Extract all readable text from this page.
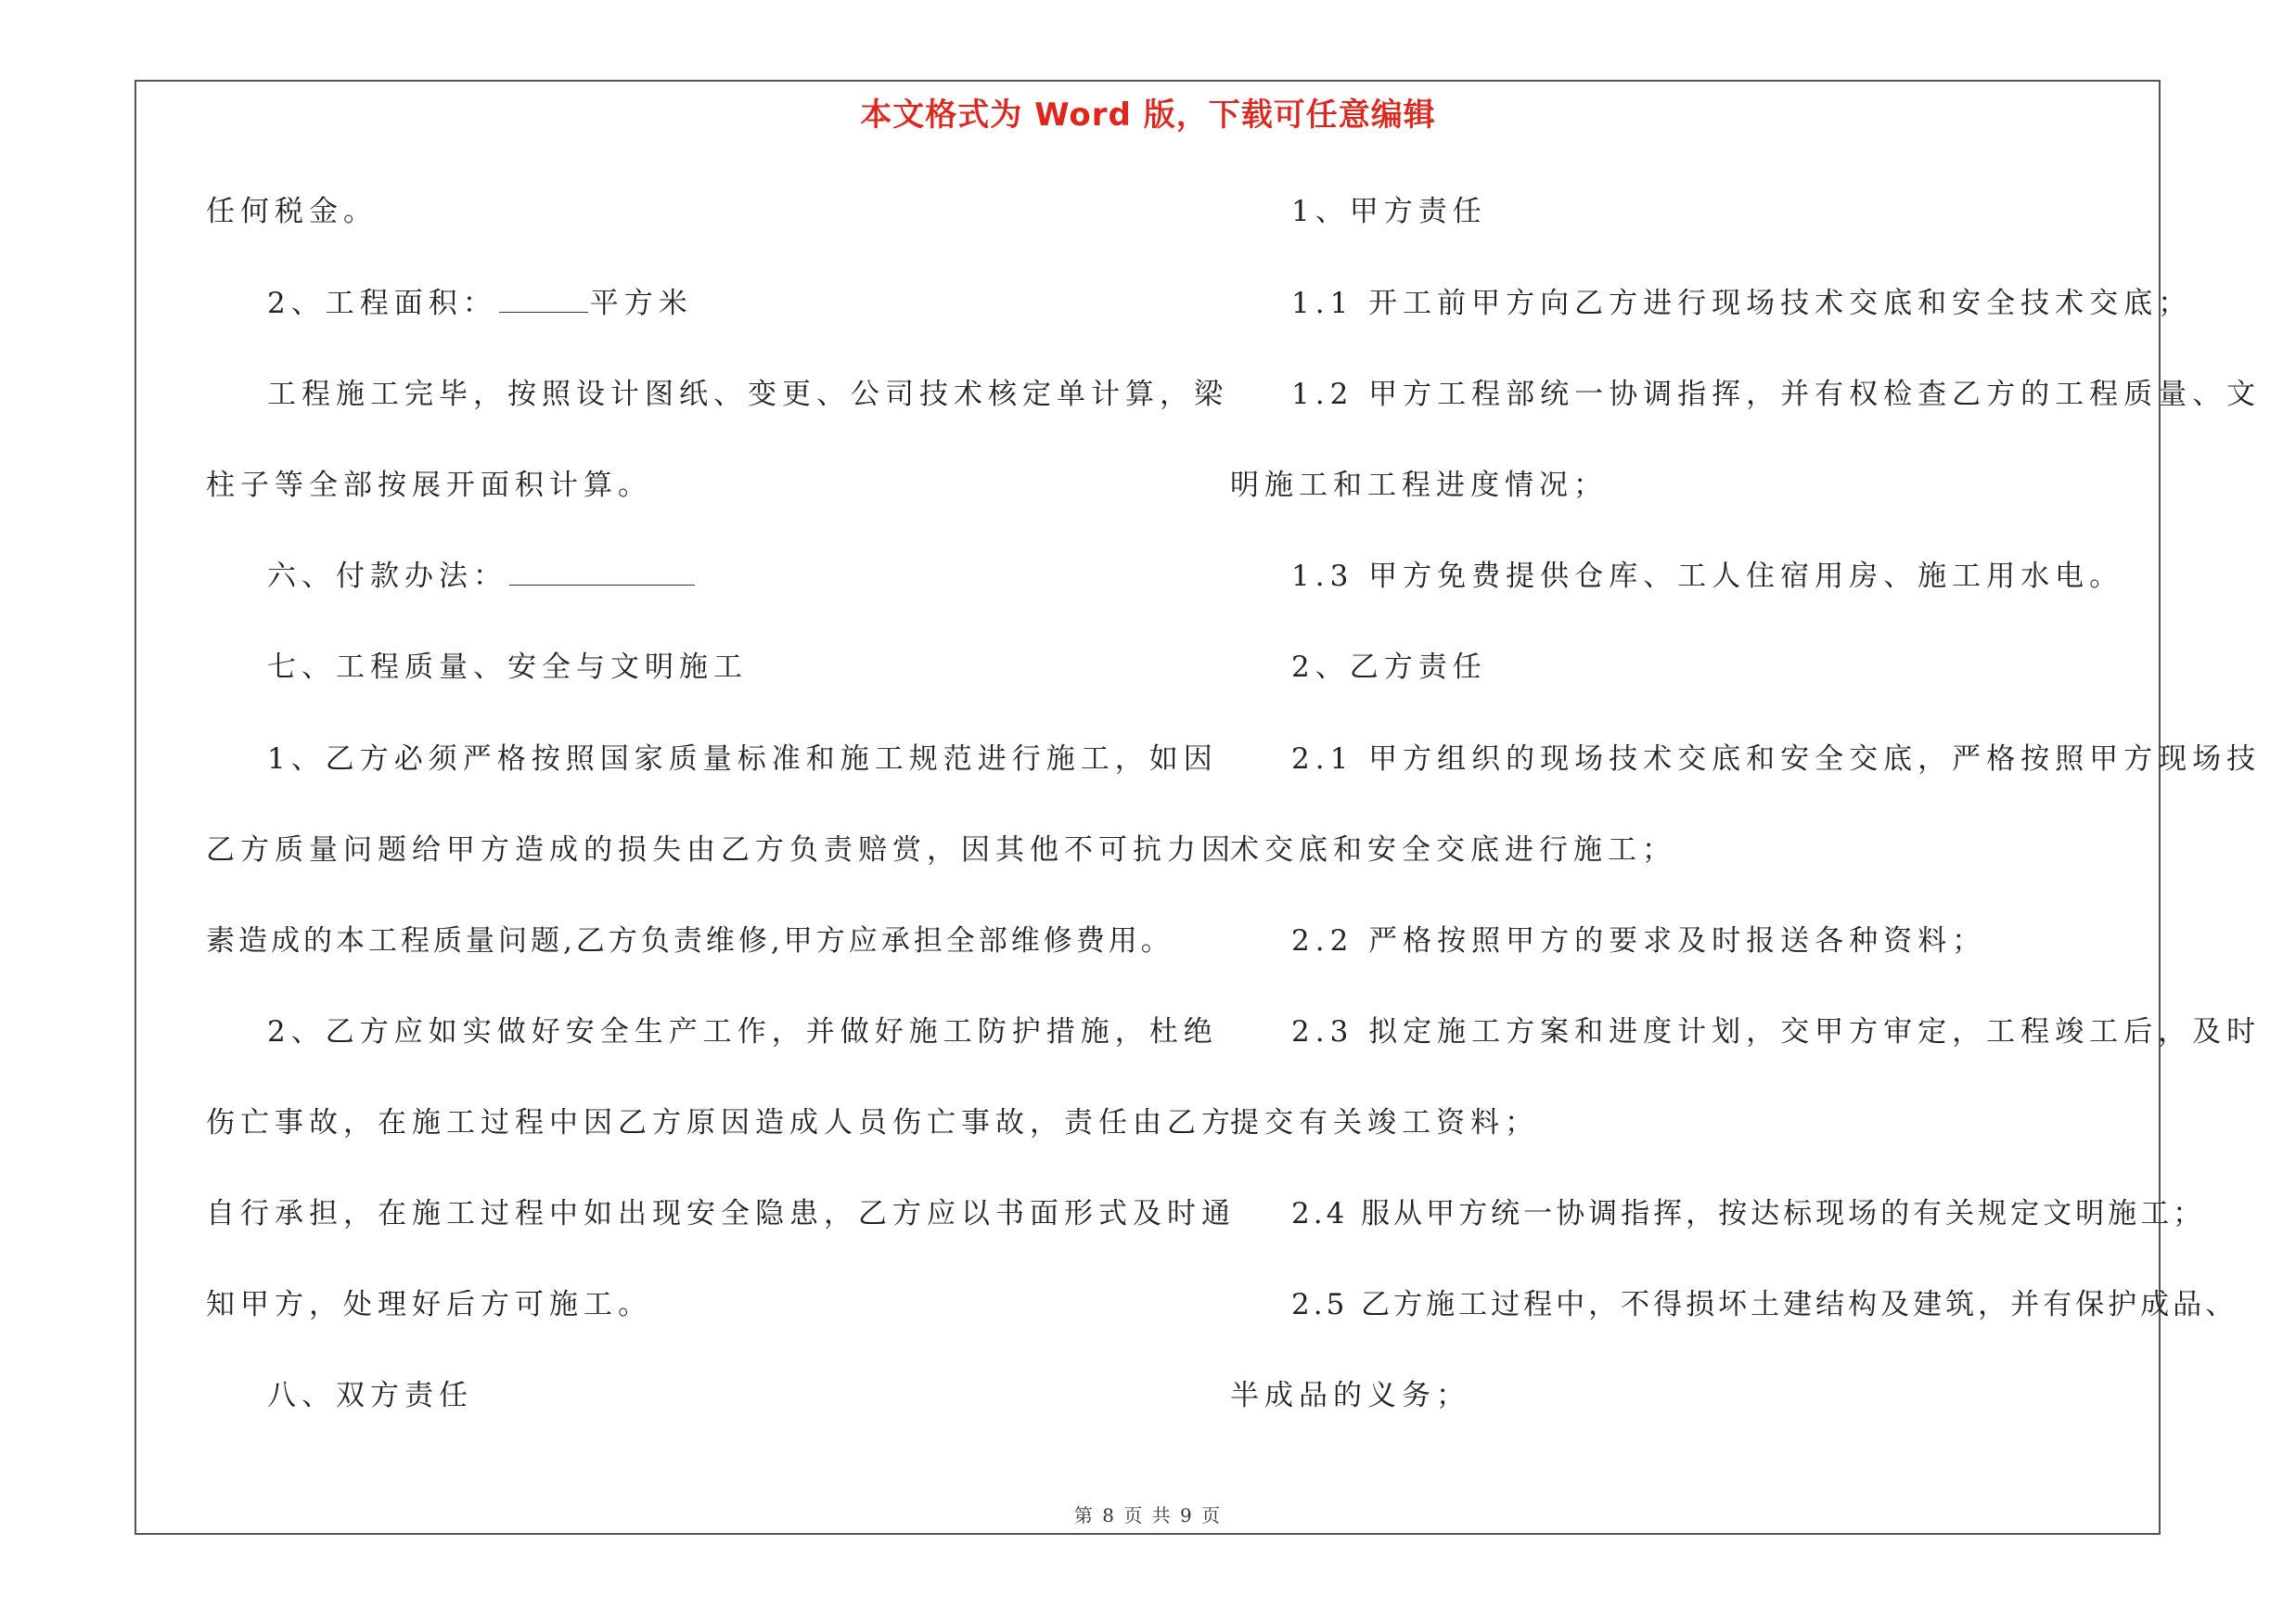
本文格式为 Word 版，下载可任意编辑
任何税金。
2、工程面积：	平方米
工程施工完毕，按照设计图纸、变更、公司技术核定单计算，梁
柱子等全部按展开面积计算。
六、付款办法：
七、工程质量、安全与文明施工
1、乙方必须严格按照国家质量标准和施工规范进行施工，如因
乙方质量问题给甲方造成的损失由乙方负责赔赏，因其他不可抗力因
素造成的本工程质量问题,乙方负责维修,甲方应承担全部维修费用。
2、乙方应如实做好安全生产工作，并做好施工防护措施，杜绝
伤亡事故，在施工过程中因乙方原因造成人员伤亡事故，责任由乙方
自行承担，在施工过程中如出现安全隐患，乙方应以书面形式及时通
知甲方，处理好后方可施工。
八、双方责任
1、甲方责任
1.1 开工前甲方向乙方进行现场技术交底和安全技术交底；
1.2 甲方工程部统一协调指挥，并有权检查乙方的工程质量、文
明施工和工程进度情况；
1.3 甲方免费提供仓库、工人住宿用房、施工用水电。
2、乙方责任
2.1 甲方组织的现场技术交底和安全交底，严格按照甲方现场技
术交底和安全交底进行施工；
2.2 严格按照甲方的要求及时报送各种资料；
2.3 拟定施工方案和进度计划，交甲方审定，工程竣工后，及时
提交有关竣工资料；
2.4 服从甲方统一协调指挥，按达标现场的有关规定文明施工；
2.5 乙方施工过程中，不得损坏土建结构及建筑，并有保护成品、
半成品的义务；
第 8 页 共 9 页
